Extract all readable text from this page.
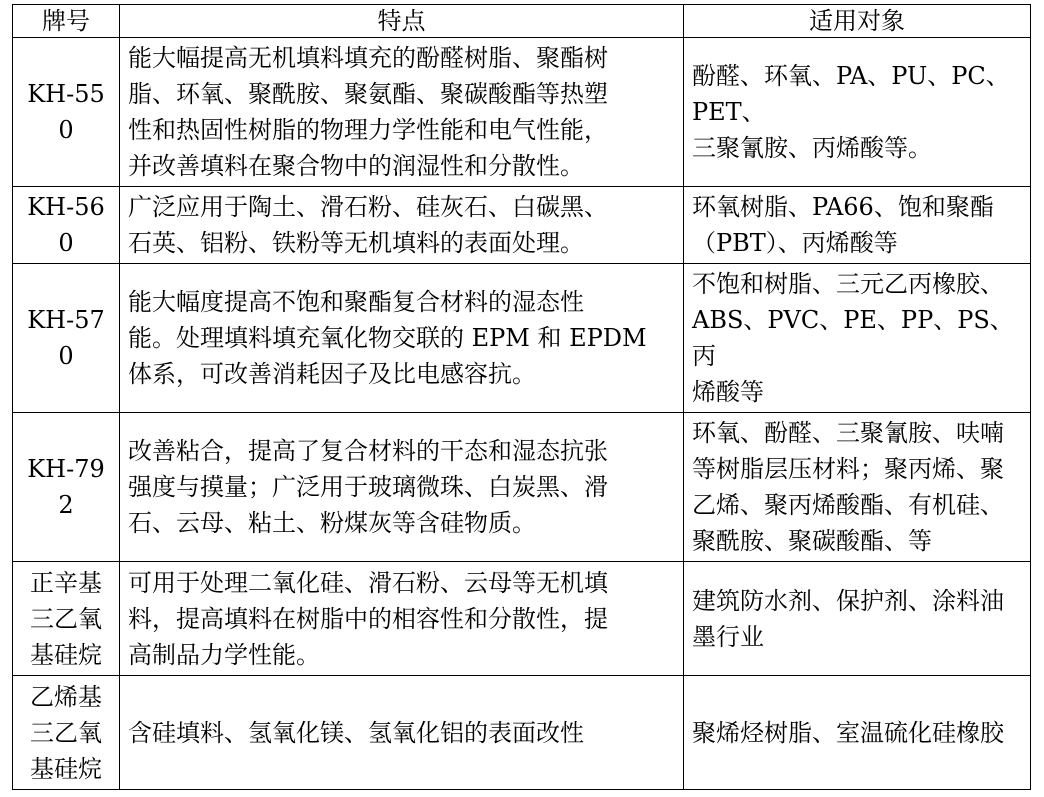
牌号	特点	适用对象
KH-550	能大幅提高无机填料填充的酚醛树脂、聚酯树
脂、环氧、聚酰胺、聚氨酯、聚碳酸酯等热塑
性和热固性树脂的物理力学性能和电气性能，
并改善填料在聚合物中的润湿性和分散性。	酚醛、环氧、PA、PU、PC、PET、
三聚氰胺、丙烯酸等。
KH-560	广泛应用于陶土、滑石粉、硅灰石、白碳黑、
石英、铝粉、铁粉等无机填料的表面处理。	环氧树脂、PA66、饱和聚酯
（PBT）、丙烯酸等
KH-570	能大幅度提高不饱和聚酯复合材料的湿态性
能。处理填料填充氧化物交联的 EPM 和 EPDM
体系，可改善消耗因子及比电感容抗。	不饱和树脂、三元乙丙橡胶、
ABS、PVC、PE、PP、PS、丙
烯酸等
KH-792	改善粘合，提高了复合材料的干态和湿态抗张
强度与摸量；广泛用于玻璃微珠、白炭黑、滑
石、云母、粘土、粉煤灰等含硅物质。	环氧、酚醛、三聚氰胺、呋喃
等树脂层压材料；聚丙烯、聚
乙烯、聚丙烯酸酯、有机硅、
聚酰胺、聚碳酸酯、等
正辛基
三乙氧
基硅烷	可用于处理二氧化硅、滑石粉、云母等无机填
料，提高填料在树脂中的相容性和分散性，提
高制品力学性能。	建筑防水剂、保护剂、涂料油
墨行业
乙烯基
三乙氧
基硅烷	含硅填料、氢氧化镁、氢氧化铝的表面改性	聚烯烃树脂、室温硫化硅橡胶
